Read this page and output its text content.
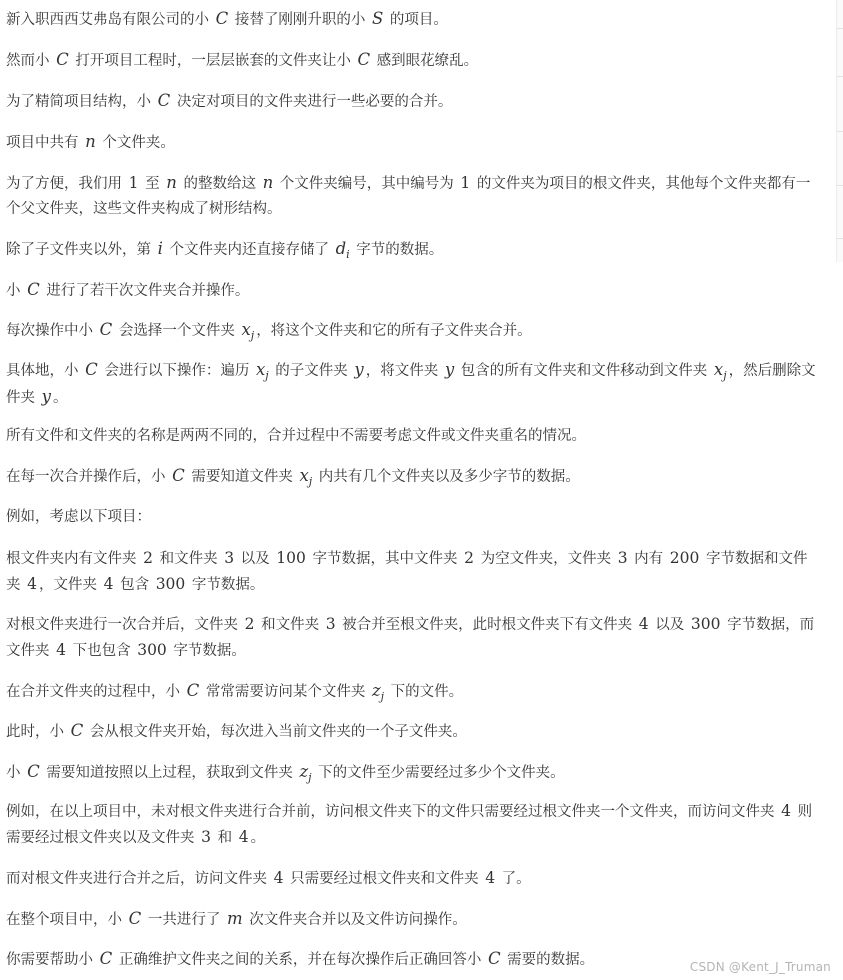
新入职西西艾弗岛有限公司的小 C 接替了刚刚升职的小 S 的项目。

然而小 C 打开项目工程时，一层层嵌套的文件夹让小 C 感到眼花缭乱。

为了精简项目结构，小 C 决定对项目的文件夹进行一些必要的合并。

项目中共有 n 个文件夹。

为了方便，我们用 1 至 n 的整数给这 n 个文件夹编号，其中编号为 1 的文件夹为项目的根文件夹，其他每个文件夹都有一个父文件夹，这些文件夹构成了树形结构。

除了子文件夹以外，第 i 个文件夹内还直接存储了 $d_i$ 字节的数据。

小 C 进行了若干次文件夹合并操作。

每次操作中小 C 会选择一个文件夹 $x_j$ ，将这个文件夹和它的所有子文件夹合并。

具体地，小 C 会进行以下操作：遍历 $x_j$ 的子文件夹 y ，将文件夹 y 包含的所有文件夹和文件移动到文件夹 $x_j$ ，然后删除文件夹 y 。

所有文件和文件夹的名称是两两不同的，合并过程中不需要考虑文件或文件夹重名的情况。

在每一次合并操作后，小 C 需要知道文件夹 $x_j$ 内共有几个文件夹以及多少字节的数据。

例如，考虑以下项目：

根文件夹内有文件夹 2 和文件夹 3 以及 100 字节数据，其中文件夹 2 为空文件夹，文件夹 3 内有 200 字节数据和文件夹 4 ，文件夹 4 包含 300 字节数据。

对根文件夹进行一次合并后，文件夹 2 和文件夹 3 被合并至根文件夹，此时根文件夹下有文件夹 4 以及 300 字节数据，而文件夹 4 下也包含 300 字节数据。

在合并文件夹的过程中，小 C 常常需要访问某个文件夹 $z_j$ 下的文件。

此时，小 C 会从根文件夹开始，每次进入当前文件夹的一个子文件夹。

小 C 需要知道按照以上过程，获取到文件夹 $z_j$ 下的文件至少需要经过多少个文件夹。

例如，在以上项目中，未对根文件夹进行合并前，访问根文件夹下的文件只需要经过根文件夹一个文件夹，而访问文件夹 4 则需要经过根文件夹以及文件夹 3 和 4 。

而对根文件夹进行合并之后，访问文件夹 4 只需要经过根文件夹和文件夹 4 了。

在整个项目中，小 C 一共进行了 m 次文件夹合并以及文件访问操作。

你需要帮助小 C 正确维护文件夹之间的关系，并在每次操作后正确回答小 C 需要的数据。	CSDN @Kent_J_Truman
